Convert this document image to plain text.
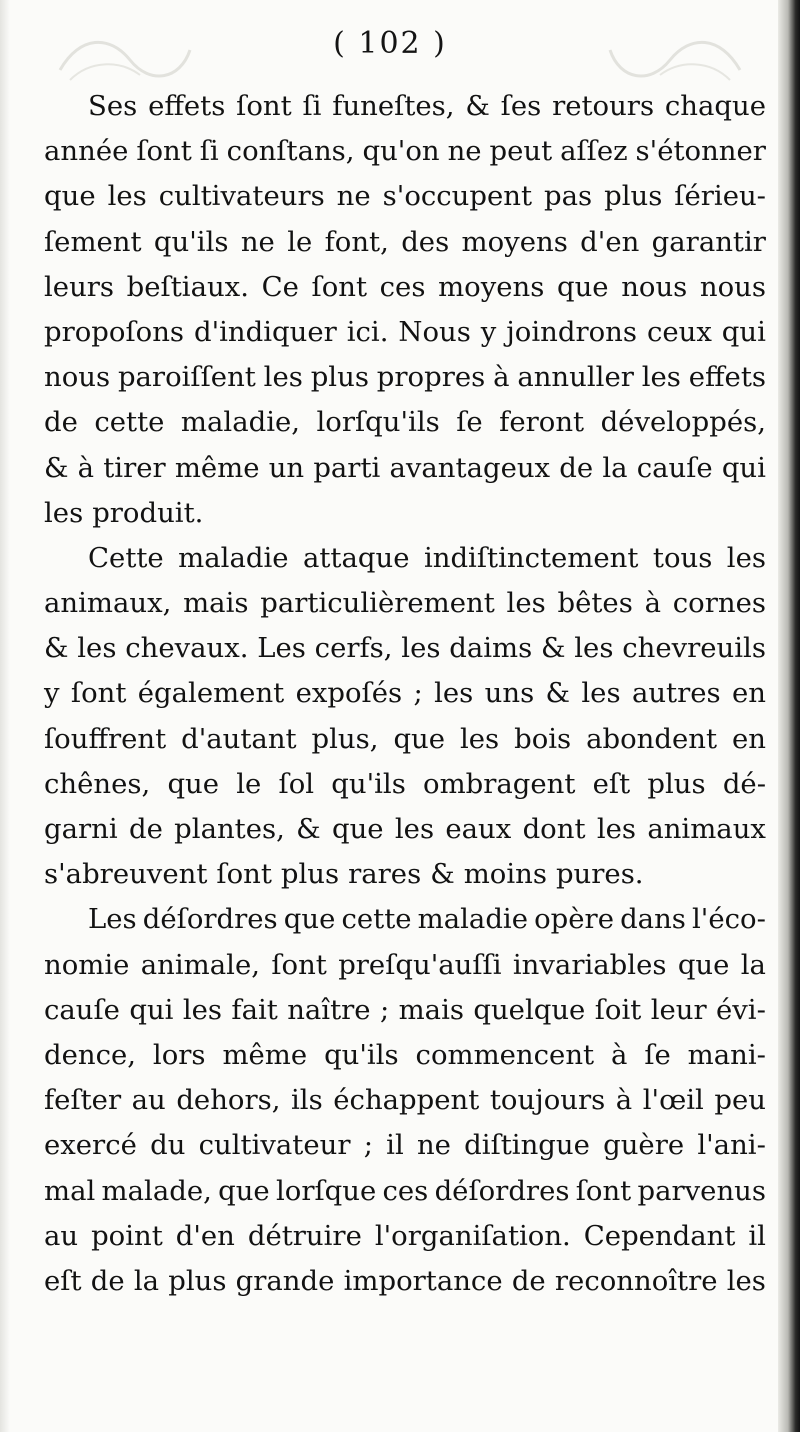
( 102 )
Ses effets ſont ſi funeſtes, & ſes retours chaque
année ſont ſi conſtans, qu'on ne peut aſſez s'étonner
que les cultivateurs ne s'occupent pas plus ſérieu-
ſement qu'ils ne le font, des moyens d'en garantir
leurs beſtiaux. Ce ſont ces moyens que nous nous
propoſons d'indiquer ici. Nous y joindrons ceux qui
nous paroiſſent les plus propres à annuller les effets
de cette maladie, lorſqu'ils ſe feront développés,
& à tirer même un parti avantageux de la cauſe qui
les produit.
Cette maladie attaque indiſtinctement tous les
animaux, mais particulièrement les bêtes à cornes
& les chevaux. Les cerfs, les daims & les chevreuils
y ſont également expoſés ; les uns & les autres en
ſouffrent d'autant plus, que les bois abondent en
chênes, que le ſol qu'ils ombragent eſt plus dé-
garni de plantes, & que les eaux dont les animaux
s'abreuvent ſont plus rares & moins pures.
Les déſordres que cette maladie opère dans l'éco-
nomie animale, ſont preſqu'auſſi invariables que la
cauſe qui les fait naître ; mais quelque ſoit leur évi-
dence, lors même qu'ils commencent à ſe mani-
feſter au dehors, ils échappent toujours à l'œil peu
exercé du cultivateur ; il ne diſtingue guère l'ani-
mal malade, que lorſque ces déſordres ſont parvenus
au point d'en détruire l'organiſation. Cependant il
eſt de la plus grande importance de reconnoître les
